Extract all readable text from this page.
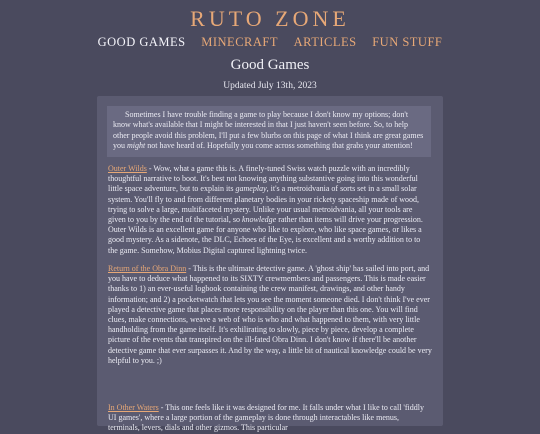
RUTO ZONE
GOOD GAMES MINECRAFT ARTICLES FUN STUFF
Good Games
Updated July 13th, 2023
Sometimes I have trouble finding a game to play because I don't know my options; don't know what's available that I might be interested in that I just haven't seen before. So, to help other people avoid this problem, I'll put a few blurbs on this page of what I think are great games you might not have heard of. Hopefully you come across something that grabs your attention!
Outer Wilds - Wow, what a game this is. A finely-tuned Swiss watch puzzle with an incredibly thoughtful narrative to boot. It's best not knowing anything substantive going into this wonderful little space adventure, but to explain its gameplay, it's a metroidvania of sorts set in a small solar system. You'll fly to and from different planetary bodies in your rickety spaceship made of wood, trying to solve a large, multifaceted mystery. Unlike your usual metroidvania, all your tools are given to you by the end of the tutorial, so knowledge rather than items will drive your progression. Outer Wilds is an excellent game for anyone who like to explore, who like space games, or likes a good mystery. As a sidenote, the DLC, Echoes of the Eye, is excellent and a worthy addition to to the game. Somehow, Mobius Digital captured lightning twice.
Return of the Obra Dinn - This is the ultimate detective game. A 'ghost ship' has sailed into port, and you have to deduce what happened to its SIXTY crewmembers and passengers. This is made easier thanks to 1) an ever-useful logbook containing the crew manifest, drawings, and other handy information; and 2) a pocketwatch that lets you see the moment someone died. I don't think I've ever played a detective game that places more responsibility on the player than this one. You will find clues, make connections, weave a web of who is who and what happened to them, with very little handholding from the game itself. It's exhilirating to slowly, piece by piece, develop a complete picture of the events that transpired on the ill-fated Obra Dinn. I don't know if there'll be another detective game that ever surpasses it. And by the way, a little bit of nautical knowledge could be very helpful to you. ;)
In Other Waters - This one feels like it was designed for me. It falls under what I like to call 'fiddly UI games', where a large portion of the gameplay is done through interactables like menus, terminals, levers, dials and other gizmos. This particular
